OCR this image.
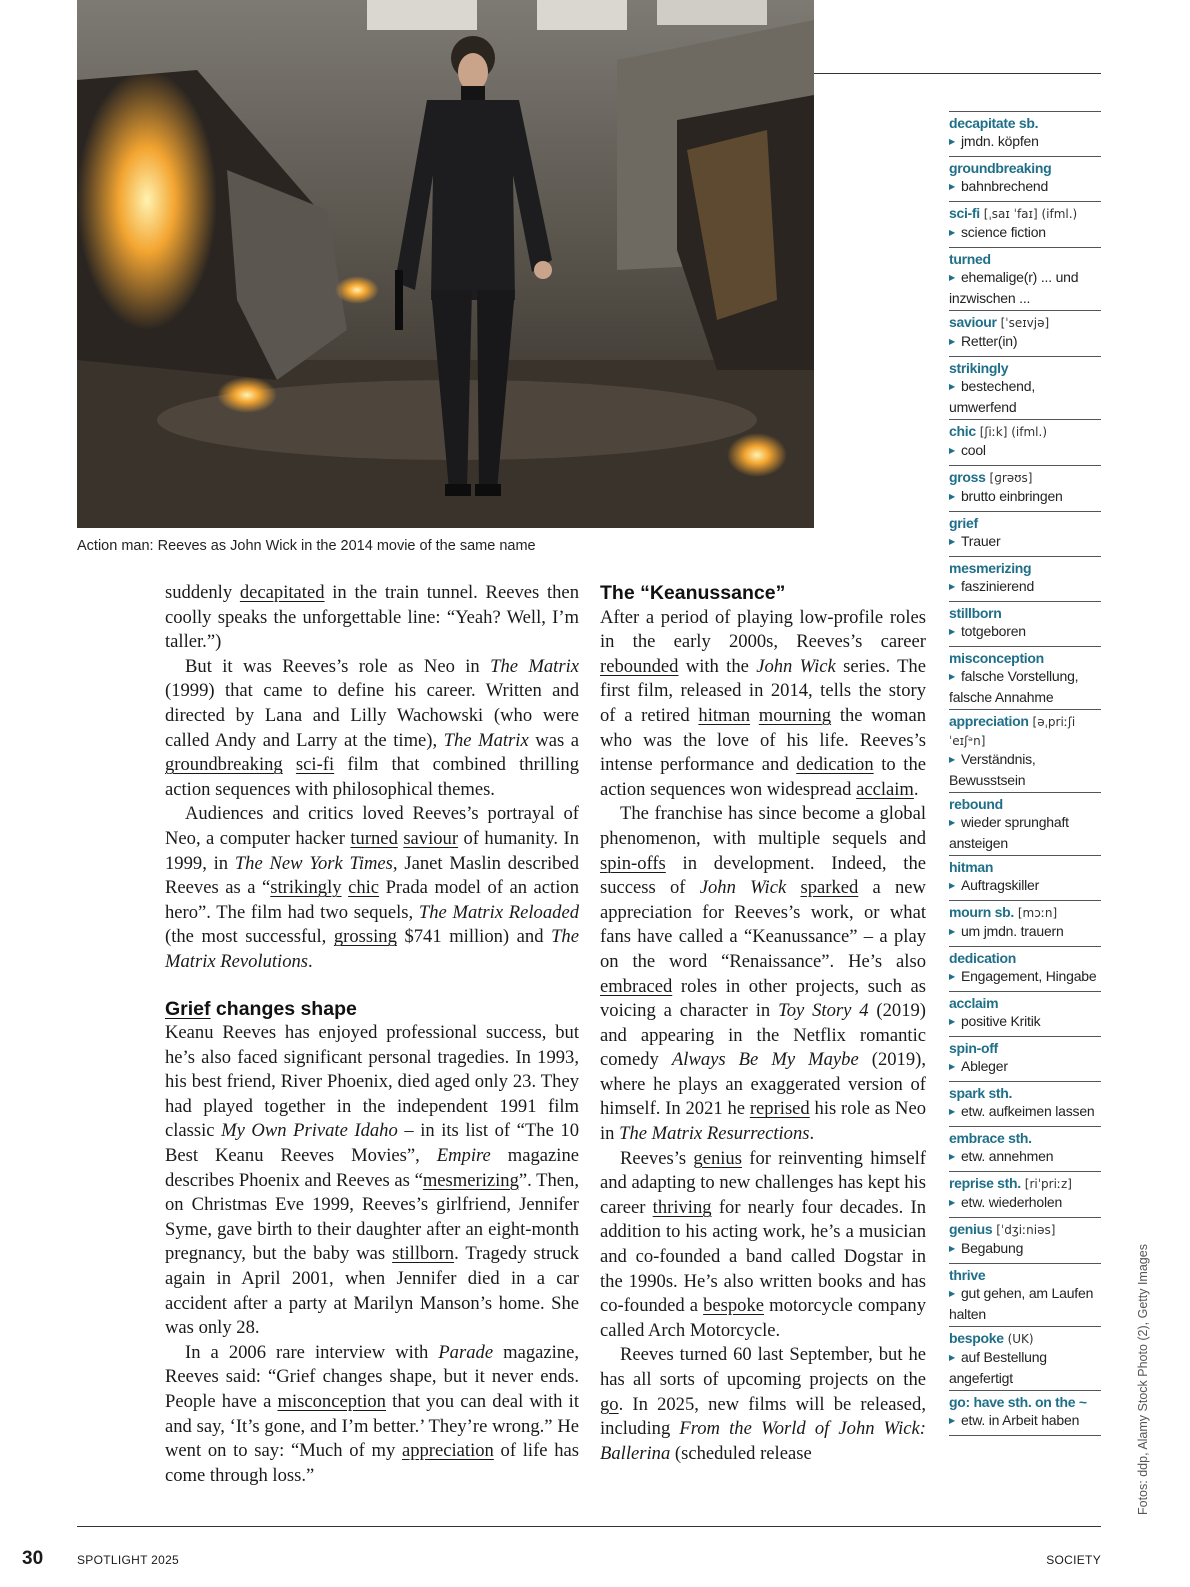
Action man: Reeves as John Wick in the 2014 movie of the same name

suddenly decapitated in the train tunnel. Reeves then coolly speaks the unforgettable line: “Yeah? Well, I’m taller.”)

But it was Reeves’s role as Neo in The Matrix (1999) that came to define his career. Written and directed by Lana and Lilly Wachowski (who were called Andy and Larry at the time), The Matrix was a groundbreaking sci-fi film that combined thrilling action sequences with philosophical themes.

Audiences and critics loved Reeves’s portrayal of Neo, a computer hacker turned saviour of humanity. In 1999, in The New York Times, Janet Maslin described Reeves as a “strikingly chic Prada model of an action hero”. The film had two sequels, The Matrix Reloaded (the most successful, grossing $741 million) and The Matrix Revolutions.

Grief changes shape

Keanu Reeves has enjoyed professional success, but he’s also faced significant personal tragedies. In 1993, his best friend, River Phoenix, died aged only 23. They had played together in the independent 1991 film classic My Own Private Idaho – in its list of “The 10 Best Keanu Reeves Movies”, Empire magazine describes Phoenix and Reeves as “mesmerizing”. Then, on Christmas Eve 1999, Reeves’s girlfriend, Jennifer Syme, gave birth to their daughter after an eight-month pregnancy, but the baby was stillborn. Tragedy struck again in April 2001, when Jennifer died in a car accident after a party at Marilyn Manson’s home. She was only 28.

In a 2006 rare interview with Parade magazine, Reeves said: “Grief changes shape, but it never ends. People have a misconception that you can deal with it and say, ‘It’s gone, and I’m better.’ They’re wrong.” He went on to say: “Much of my appreciation of life has come through loss.”

The “Keanussance”

After a period of playing low-profile roles in the early 2000s, Reeves’s career rebounded with the John Wick series. The first film, released in 2014, tells the story of a retired hitman mourning the woman who was the love of his life. Reeves’s intense performance and dedication to the action sequences won widespread acclaim.

The franchise has since become a global phenomenon, with multiple sequels and spin-offs in development. Indeed, the success of John Wick sparked a new appreciation for Reeves’s work, or what fans have called a “Keanussance” – a play on the word “Renaissance”. He’s also embraced roles in other projects, such as voicing a character in Toy Story 4 (2019) and appearing in the Netflix romantic comedy Always Be My Maybe (2019), where he plays an exaggerated version of himself. In 2021 he reprised his role as Neo in The Matrix Resurrections.

Reeves’s genius for reinventing himself and adapting to new challenges has kept his career thriving for nearly four decades. In addition to his acting work, he’s a musician and co-founded a band called Dogstar in the 1990s. He’s also written books and has co-founded a bespoke motorcycle company called Arch Motorcycle.

Reeves turned 60 last September, but he has all sorts of upcoming projects on the go. In 2025, new films will be released, including From the World of John Wick: Ballerina (scheduled release

decapitate sb.
▶ jmdn. köpfen
groundbreaking
▶ bahnbrechend
sci-fi [ˌsaɪ ˈfaɪ] (ifml.)
▶ science fiction
turned
▶ ehemalige(r) ... und inzwischen ...
saviour [ˈseɪvjə]
▶ Retter(in)
strikingly
▶ bestechend, umwerfend
chic [ʃiːk] (ifml.)
▶ cool
gross [ɡrəʊs]
▶ brutto einbringen
grief
▶ Trauer
mesmerizing
▶ faszinierend
stillborn
▶ totgeboren
misconception
▶ falsche Vorstellung, falsche Annahme
appreciation [əˌpriːʃiˈeɪʃᵊn]
▶ Verständnis, Bewusstsein
rebound
▶ wieder sprunghaft ansteigen
hitman
▶ Auftragskiller
mourn sb. [mɔːn]
▶ um jmdn. trauern
dedication
▶ Engagement, Hingabe
acclaim
▶ positive Kritik
spin-off
▶ Ableger
spark sth.
▶ etw. aufkeimen lassen
embrace sth.
▶ etw. annehmen
reprise sth. [riˈpriːz]
▶ etw. wiederholen
genius [ˈdʒiːniəs]
▶ Begabung
thrive
▶ gut gehen, am Laufen halten
bespoke (UK)
▶ auf Bestellung angefertigt
go: have sth. on the ~
▶ etw. in Arbeit haben	Fotos: ddp, Alamy Stock Photo (2), Getty Images
30	SPOTLIGHT 2025	SOCIETY
